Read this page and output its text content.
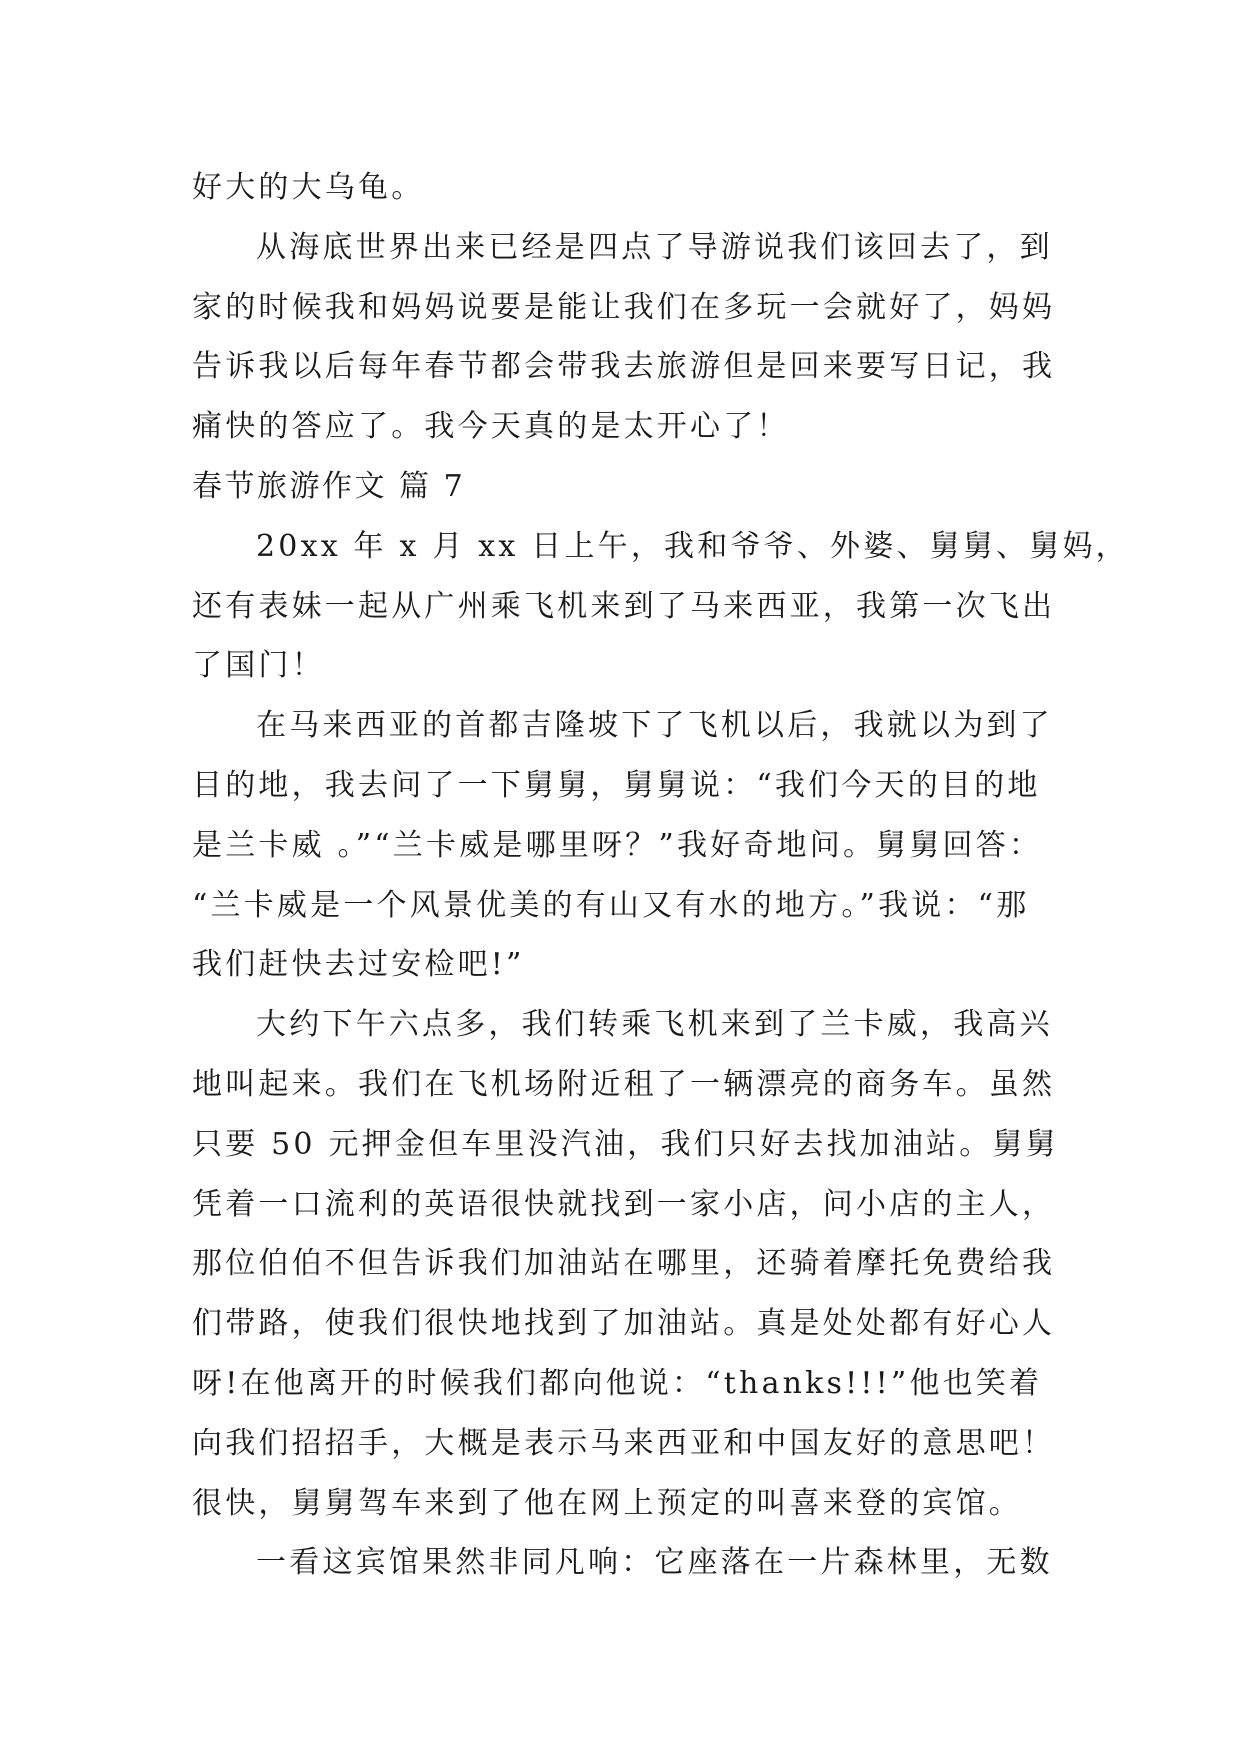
好大的大乌龟。
从海底世界出来已经是四点了导游说我们该回去了，到
家的时候我和妈妈说要是能让我们在多玩一会就好了，妈妈
告诉我以后每年春节都会带我去旅游但是回来要写日记，我
痛快的答应了。我今天真的是太开心了！
春节旅游作文 篇 7
20xx 年 x 月 xx 日上午，我和爷爷、外婆、舅舅、舅妈，
还有表妹一起从广州乘飞机来到了马来西亚，我第一次飞出
了国门！
在马来西亚的首都吉隆坡下了飞机以后，我就以为到了
目的地，我去问了一下舅舅，舅舅说：“我们今天的目的地
是兰卡威 。”“兰卡威是哪里呀？”我好奇地问。舅舅回答：
“兰卡威是一个风景优美的有山又有水的地方。”我说：“那
我们赶快去过安检吧!”
大约下午六点多，我们转乘飞机来到了兰卡威，我高兴
地叫起来。我们在飞机场附近租了一辆漂亮的商务车。虽然
只要 50 元押金但车里没汽油，我们只好去找加油站。舅舅
凭着一口流利的英语很快就找到一家小店，问小店的主人，
那位伯伯不但告诉我们加油站在哪里，还骑着摩托免费给我
们带路，使我们很快地找到了加油站。真是处处都有好心人
呀!在他离开的时候我们都向他说：“thanks!!!”他也笑着
向我们招招手，大概是表示马来西亚和中国友好的意思吧！
很快，舅舅驾车来到了他在网上预定的叫喜来登的宾馆。
一看这宾馆果然非同凡响：它座落在一片森林里，无数
